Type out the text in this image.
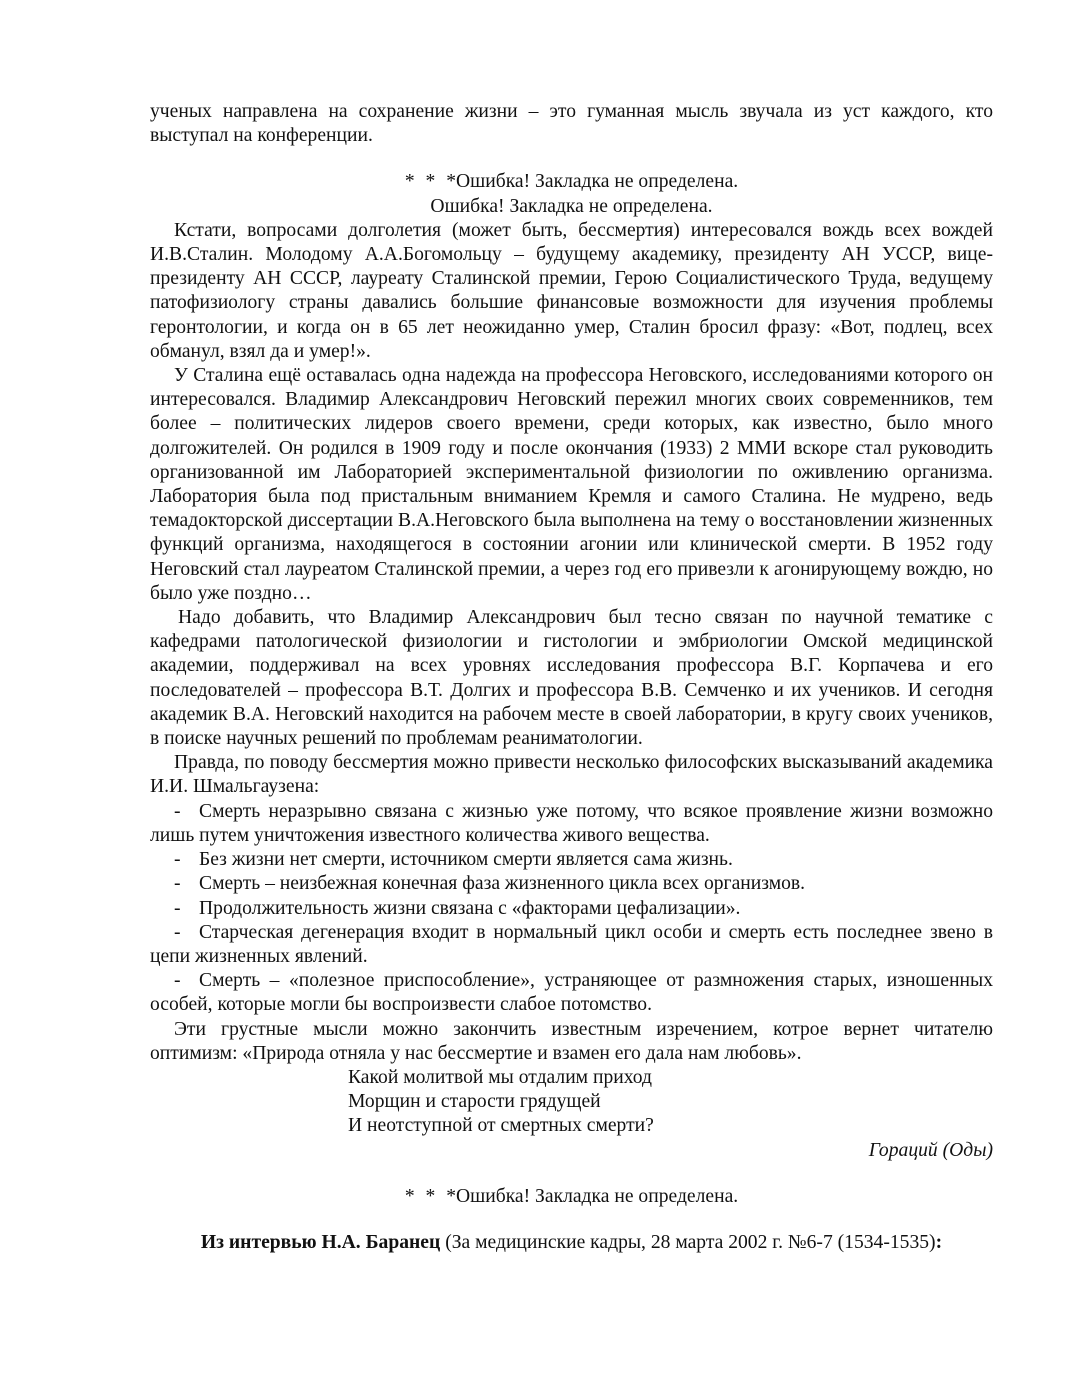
ученых направлена на сохранение жизни – это гуманная мысль звучала из уст каждого, кто выступал на конференции.

* * *Ошибка! Закладка не определена.

Ошибка! Закладка не определена.

Кстати, вопросами долголетия (может быть, бессмертия) интересовался вождь всех вождей И.В.Сталин. Молодому А.А.Богомольцу – будущему академику, президенту АН УССР, вице-президенту АН СССР, лауреату Сталинской премии, Герою Социалистического Труда, ведущему патофизиологу страны давались большие финансовые возможности для изучения проблемы геронтологии, и когда он в 65 лет неожиданно умер, Сталин бросил фразу: «Вот, подлец, всех обманул, взял да и умер!».

У Сталина ещё оставалась одна надежда на профессора Неговского, исследованиями которого он интересовался. Владимир Александрович Неговский пережил многих своих современников, тем более – политических лидеров своего времени, среди которых, как известно, было много долгожителей. Он родился в 1909 году и после окончания (1933) 2 ММИ вскоре стал руководить организованной им Лабораторией экспериментальной физиологии по оживлению организма. Лаборатория была под пристальным вниманием Кремля и самого Сталина. Не мудрено, ведь темадокторской диссертации В.А.Неговского была выполнена на тему о восстановлении жизненных функций организма, находящегося в состоянии агонии или клинической смерти. В 1952 году Неговский стал лауреатом Сталинской премии, а через год его привезли к агонирующему вождю, но было уже поздно…

Надо добавить, что Владимир Александрович был тесно связан по научной тематике с кафедрами патологической физиологии и гистологии и эмбриологии Омской медицинской академии, поддерживал на всех уровнях исследования профессора В.Г. Корпачева и его последователей – профессора В.Т. Долгих и профессора В.В. Семченко и их учеников. И сегодня академик В.А. Неговский находится на рабочем месте в своей лаборатории, в кругу своих учеников, в поиске научных решений по проблемам реаниматологии.

Правда, по поводу бессмертия можно привести несколько философских высказываний академика И.И. Шмальгаузена:

- Смерть неразрывно связана с жизнью уже потому, что всякое проявление жизни возможно лишь путем уничтожения известного количества живого вещества.

- Без жизни нет смерти, источником смерти является сама жизнь.

- Смерть – неизбежная конечная фаза жизненного цикла всех организмов.

- Продолжительность жизни связана с «факторами цефализации».

- Старческая дегенерация входит в нормальный цикл особи и смерть есть последнее звено в цепи жизненных явлений.

- Смерть – «полезное приспособление», устраняющее от размножения старых, изношенных особей, которые могли бы воспроизвести слабое потомство.

Эти грустные мысли можно закончить известным изречением, котрое вернет читателю оптимизм: «Природа отняла у нас бессмертие и взамен его дала нам любовь».

Какой молитвой мы отдалим приход

Морщин и старости грядущей

И неотступной от смертных смерти?

Гораций (Оды)

* * *Ошибка! Закладка не определена.

Из интервью Н.А. Баранец (За медицинские кадры, 28 марта 2002 г. №6-7 (1534-1535):
